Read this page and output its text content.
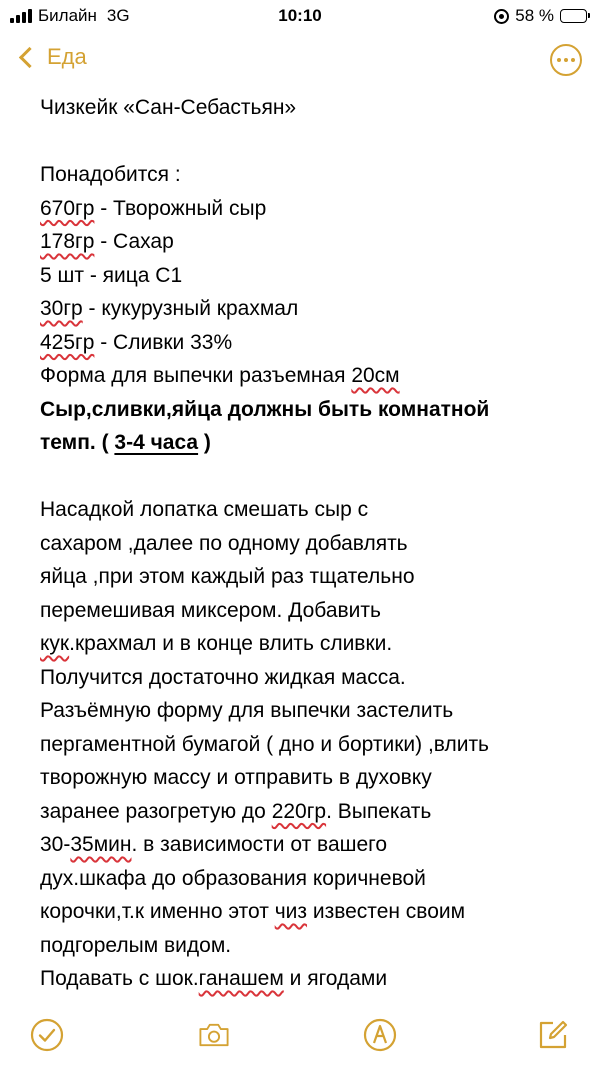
Билайн 3G	10:10	58 %
Еда
Чизкейк «Сан-Себастьян»
Понадобится :
670гр - Творожный сыр
178гр - Сахар
5 шт - яица С1
30гр - кукурузный крахмал
425гр - Сливки 33%
Форма для выпечки разъемная 20см
Сыр,сливки,яйца должны быть комнатной
темп. ( 3-4 часа )
Насадкой лопатка смешать сыр с
сахаром ,далее по одному добавлять
яйца ,при этом каждый раз тщательно
перемешивая миксером. Добавить
кук.крахмал и в конце влить сливки.
Получится достаточно жидкая масса.
Разъёмную форму для выпечки застелить
пергаментной бумагой ( дно и бортики) ,влить
творожную массу и отправить в духовку
заранее разогретую до 220гр. Выпекать
30-35мин. в зависимости от вашего
дух.шкафа до образования коричневой
корочки,т.к именно этот чиз известен своим
подгорелым видом.
Подавать с шок.ганашем и ягодами
